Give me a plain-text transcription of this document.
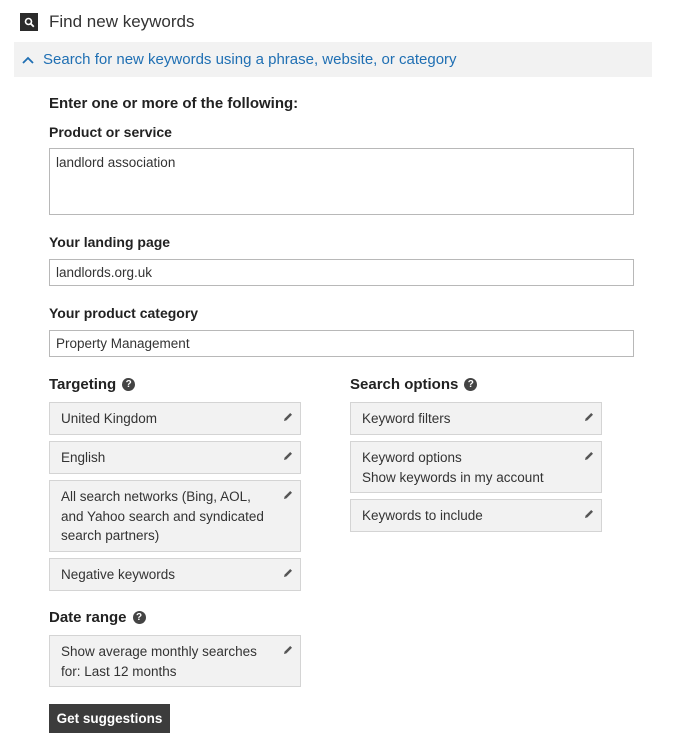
Find new keywords
Search for new keywords using a phrase, website, or category
Enter one or more of the following:
Product or service
landlord association
Your landing page
landlords.org.uk
Your product category
Property Management
Targeting ?
United Kingdom
English
All search networks (Bing, AOL,
and Yahoo search and syndicated
search partners)
Negative keywords
Date range ?
Show average monthly searches
for: Last 12 months
Search options ?
Keyword filters
Keyword options
Show keywords in my account
Keywords to include
Get suggestions
